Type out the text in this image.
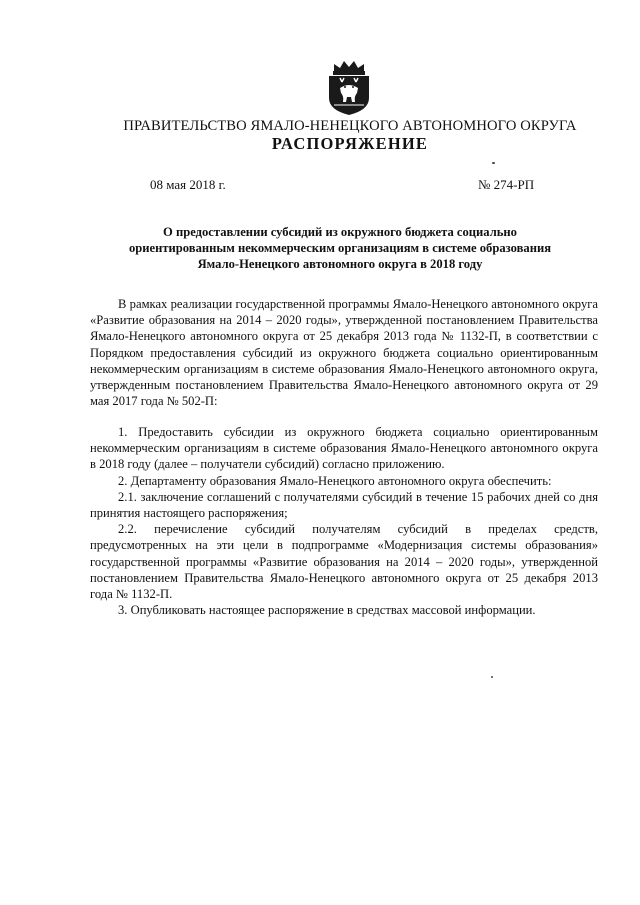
ПРАВИТЕЛЬСТВО ЯМАЛО-НЕНЕЦКОГО АВТОНОМНОГО ОКРУГА
РАСПОРЯЖЕНИЕ
08 мая 2018 г.	№ 274-РП
О предоставлении субсидий из окружного бюджета социально ориентированным некоммерческим организациям в системе образования Ямало-Ненецкого автономного округа в 2018 году

В рамках реализации государственной программы Ямало-Ненецкого автономного округа «Развитие образования на 2014 – 2020 годы», утвержденной постановлением Правительства Ямало-Ненецкого автономного округа от 25 декабря 2013 года № 1132-П, в соответствии с Порядком предоставления субсидий из окружного бюджета социально ориентированным некоммерческим организациям в системе образования Ямало-Ненецкого автономного округа, утвержденным постановлением Правительства Ямало-Ненецкого автономного округа от 29 мая 2017 года № 502-П:

1. Предоставить субсидии из окружного бюджета социально ориентированным некоммерческим организациям в системе образования Ямало-Ненецкого автономного округа в 2018 году (далее – получатели субсидий) согласно приложению.

2. Департаменту образования Ямало-Ненецкого автономного округа обеспечить:

2.1. заключение соглашений с получателями субсидий в течение 15 рабочих дней со дня принятия настоящего распоряжения;

2.2. перечисление субсидий получателям субсидий в пределах средств, предусмотренных на эти цели в подпрограмме «Модернизация системы образования» государственной программы «Развитие образования на 2014 – 2020 годы», утвержденной постановлением Правительства Ямало-Ненецкого автономного округа от 25 декабря 2013 года № 1132-П.

3. Опубликовать настоящее распоряжение в средствах массовой информации.
